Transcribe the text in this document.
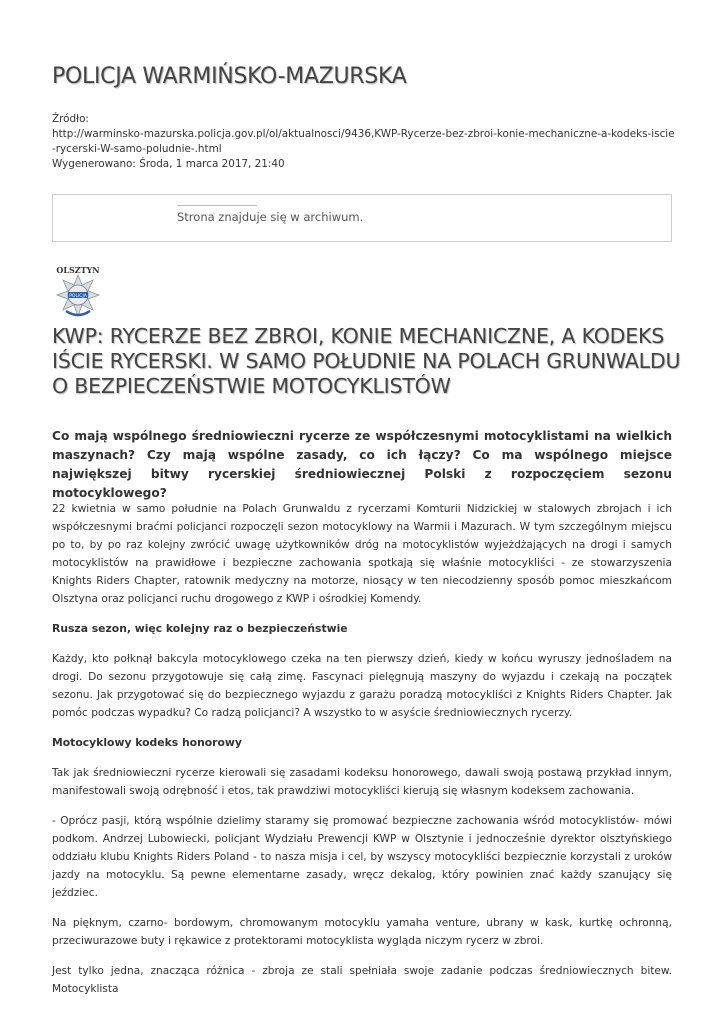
POLICJA WARMIŃSKO-MAZURSKA
Źródło:
http://warminsko-mazurska.policja.gov.pl/ol/aktualnosci/9436,KWP-Rycerze-bez-zbroi-konie-mechaniczne-a-kodeks-iscie-rycerski-W-samo-poludnie-.html
Wygenerowano: Środa, 1 marca 2017, 21:40
Strona znajduje się w archiwum.
OLSZTYN
POLICJA
KWP: RYCERZE BEZ ZBROI, KONIE MECHANICZNE, A KODEKS IŚCIE RYCERSKI. W SAMO POŁUDNIE NA POLACH GRUNWALDU O BEZPIECZEŃSTWIE MOTOCYKLISTÓW

Co mają wspólnego średniowieczni rycerze ze współczesnymi motocyklistami na wielkich maszynach? Czy mają wspólne zasady, co ich łączy? Co ma wspólnego miejsce największej bitwy rycerskiej średniowiecznej Polski z rozpoczęciem sezonu motocyklowego?

22 kwietnia w samo południe na Polach Grunwaldu z rycerzami Komturii Nidzickiej w stalowych zbrojach i ich współczesnymi braćmi policjanci rozpoczęli sezon motocyklowy na Warmii i Mazurach. W tym szczególnym miejscu po to, by po raz kolejny zwrócić uwagę użytkowników dróg na motocyklistów wyjeżdżających na drogi i samych motocyklistów na prawidłowe i bezpieczne zachowania spotkają się właśnie motocykliści - ze stowarzyszenia Knights Riders Chapter, ratownik medyczny na motorze, niosący w ten niecodzienny sposób pomoc mieszkańcom Olsztyna oraz policjanci ruchu drogowego z KWP i ośrodkiej Komendy.

Rusza sezon, więc kolejny raz o bezpieczeństwie

Każdy, kto połknął bakcyla motocyklowego czeka na ten pierwszy dzień, kiedy w końcu wyruszy jednośladem na drogi. Do sezonu przygotowuje się całą zimę. Fascynaci pielęgnują maszyny do wyjazdu i czekają na początek sezonu. Jak przygotować się do bezpiecznego wyjazdu z garażu poradzą motocykliści z Knights Riders Chapter. Jak pomóc podczas wypadku? Co radzą policjanci? A wszystko to w asyście średniowiecznych rycerzy.

Motocyklowy kodeks honorowy

Tak jak średniowieczni rycerze kierowali się zasadami kodeksu honorowego, dawali swoją postawą przykład innym, manifestowali swoją odrębność i etos, tak prawdziwi motocykliści kierują się własnym kodeksem zachowania.

- Oprócz pasji, którą wspólnie dzielimy staramy się promować bezpieczne zachowania wśród motocyklistów- mówi podkom. Andrzej Lubowiecki, policjant Wydziału Prewencji KWP w Olsztynie i jednocześnie dyrektor olsztyńskiego oddziału klubu Knights Riders Poland - to nasza misja i cel, by wszyscy motocykliści bezpiecznie korzystali z uroków jazdy na motocyklu. Są pewne elementarne zasady, wręcz dekalog, który powinien znać każdy szanujący się jeździec.

Na pięknym, czarno- bordowym, chromowanym motocyklu yamaha venture, ubrany w kask, kurtkę ochronną, przeciwurazowe buty i rękawice z protektorami motocyklista wygląda niczym rycerz w zbroi.

Jest tylko jedna, znacząca różnica - zbroja ze stali spełniała swoje zadanie podczas średniowiecznych bitew. Motocyklista
